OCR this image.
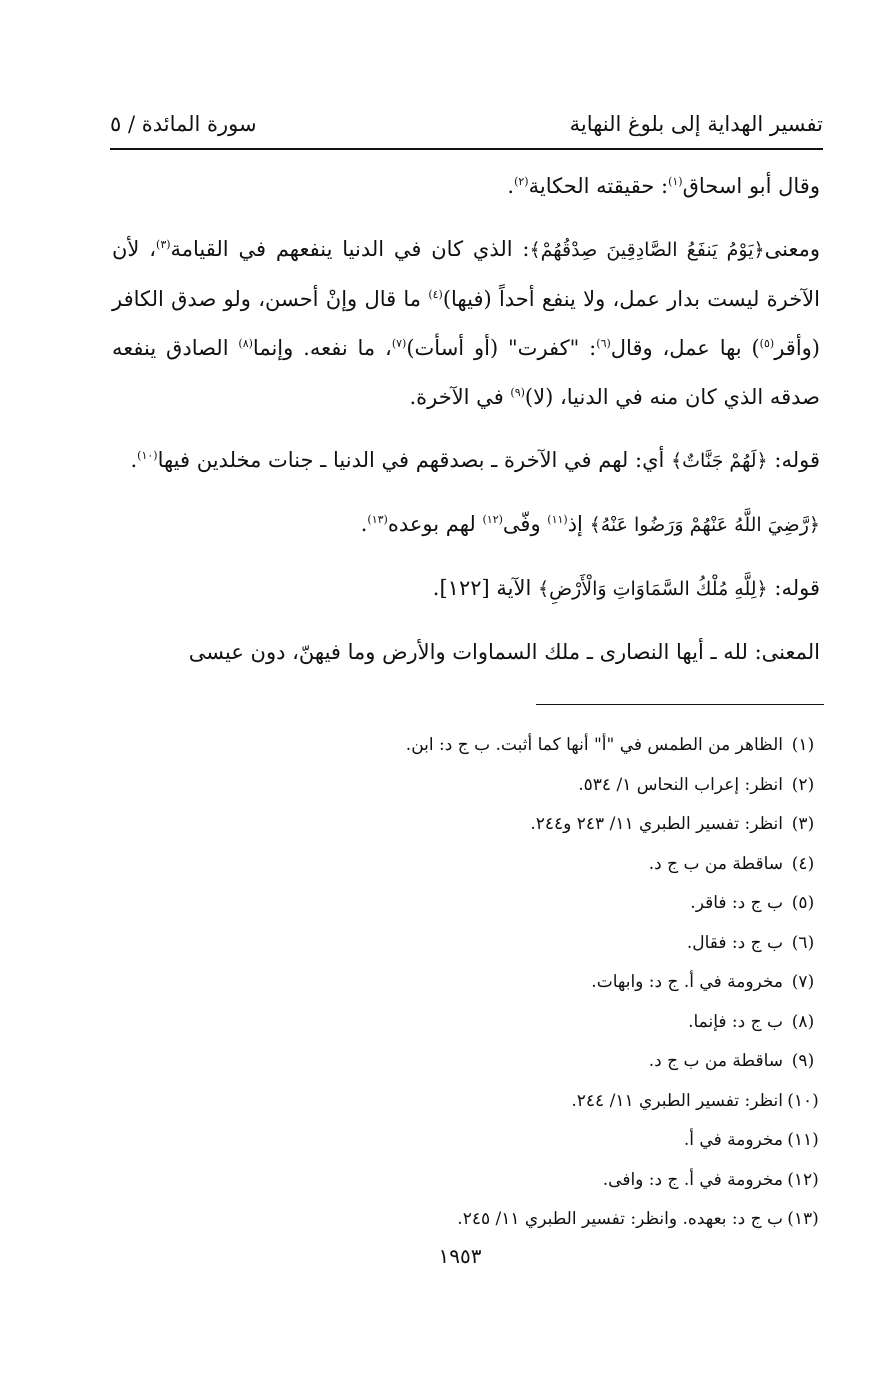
تفسير الهداية إلى بلوغ النهاية
سورة المائدة / ٥

وقال أبو اسحاق$^{(١)}$: حقيقته الحكاية$^{(٢)}$.

ومعنى﴿يَوْمُ يَنفَعُ الصَّادِقِينَ صِدْقُهُمْ﴾: الذي كان في الدنيا ينفعهم في القيامة$^{(٣)}$، لأن الآخرة ليست بدار عمل، ولا ينفع أحداً (فيها)$^{(٤)}$ ما قال وإنْ أحسن، ولو صدق الكافر (وأقر$^{(٥)}$) بها عمل، وقال$^{(٦)}$: "كفرت" (أو أسأت)$^{(٧)}$، ما نفعه. وإنما$^{(٨)}$ الصادق ينفعه صدقه الذي كان منه في الدنيا، (لا)$^{(٩)}$ في الآخرة.

قوله: ﴿لَهُمْ جَنَّاتٌ﴾ أي: لهم في الآخرة ـ بصدقهم في الدنيا ـ جنات مخلدين فيها$^{(١٠)}$.

﴿رَّضِيَ اللَّهُ عَنْهُمْ وَرَضُوا عَنْهُ﴾ إذ$^{(١١)}$ وفّى$^{(١٢)}$ لهم بوعده$^{(١٣)}$.

قوله: ﴿لِلَّهِ مُلْكُ السَّمَاوَاتِ وَالْأَرْضِ﴾ الآية [١٢٢].

المعنى: لله ـ أيها النصارى ـ ملك السماوات والأرض وما فيهنّ، دون عيسى

(١)
الظاهر من الطمس في "أ" أنها كما أثبت. ب ج د: ابن.
(٢)
انظر: إعراب النحاس ١/ ٥٣٤.
(٣)
انظر: تفسير الطبري ١١/ ٢٤٣ و٢٤٤.
(٤)
ساقطة من ب ج د.
(٥)
ب ج د: فاقر.
(٦)
ب ج د: فقال.
(٧)
مخرومة في أ. ج د: وابهات.
(٨)
ب ج د: فإنما.
(٩)
ساقطة من ب ج د.
(١٠)
انظر: تفسير الطبري ١١/ ٢٤٤.
(١١)
مخرومة في أ.
(١٢)
مخرومة في أ. ج د: وافى.
(١٣)
ب ج د: بعهده. وانظر: تفسير الطبري ١١/ ٢٤٥.
١٩٥٣
